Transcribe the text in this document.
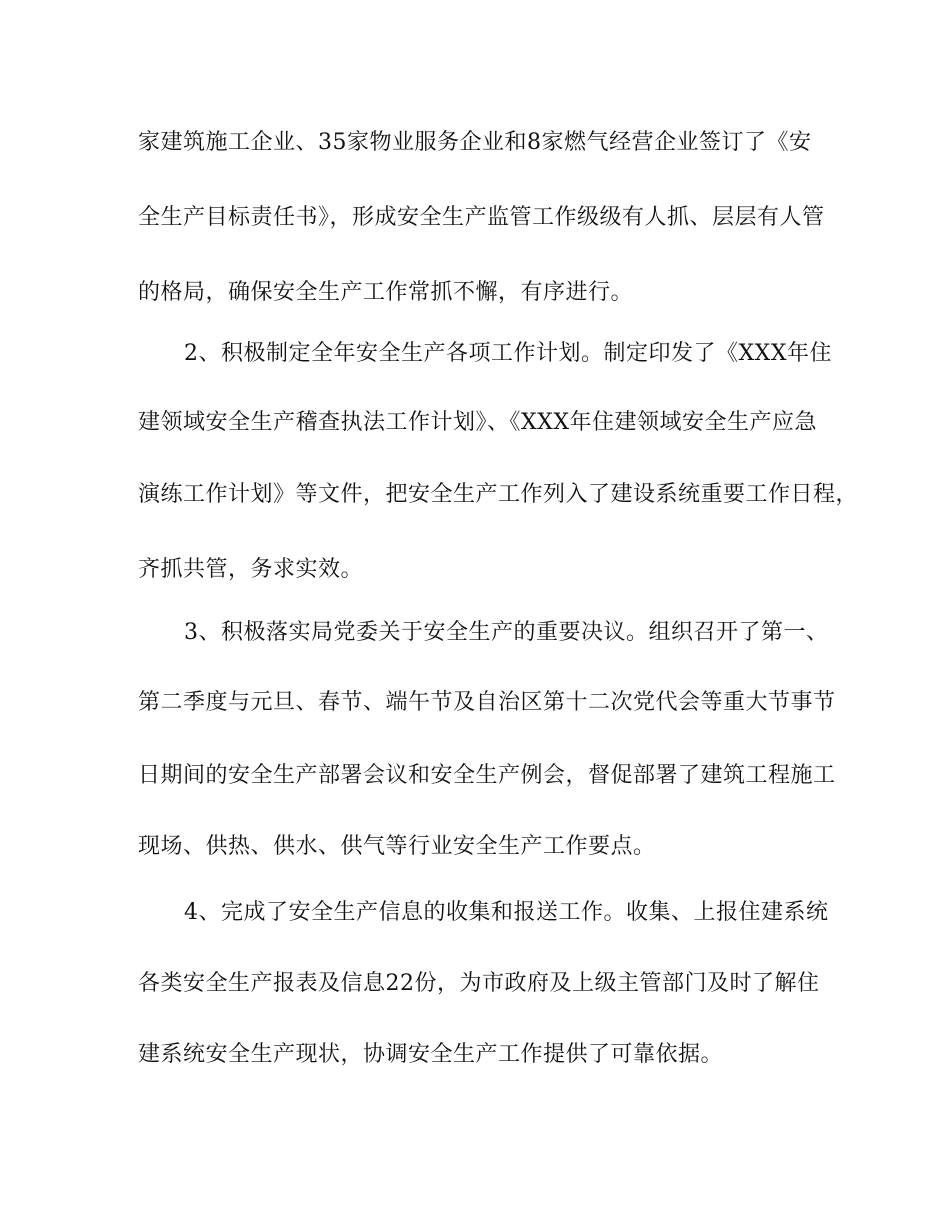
家建筑施工企业、35家物业服务企业和8家燃气经营企业签订了《安
全生产目标责任书》，形成安全生产监管工作级级有人抓、层层有人管
的格局，确保安全生产工作常抓不懈，有序进行。
2、积极制定全年安全生产各项工作计划。制定印发了《XXX年住
建领域安全生产稽查执法工作计划》、《XXX年住建领域安全生产应急
演练工作计划》等文件，把安全生产工作列入了建设系统重要工作日程，
齐抓共管，务求实效。
3、积极落实局党委关于安全生产的重要决议。组织召开了第一、
第二季度与元旦、春节、端午节及自治区第十二次党代会等重大节事节
日期间的安全生产部署会议和安全生产例会，督促部署了建筑工程施工
现场、供热、供水、供气等行业安全生产工作要点。
4、完成了安全生产信息的收集和报送工作。收集、上报住建系统
各类安全生产报表及信息22份，为市政府及上级主管部门及时了解住
建系统安全生产现状，协调安全生产工作提供了可靠依据。
